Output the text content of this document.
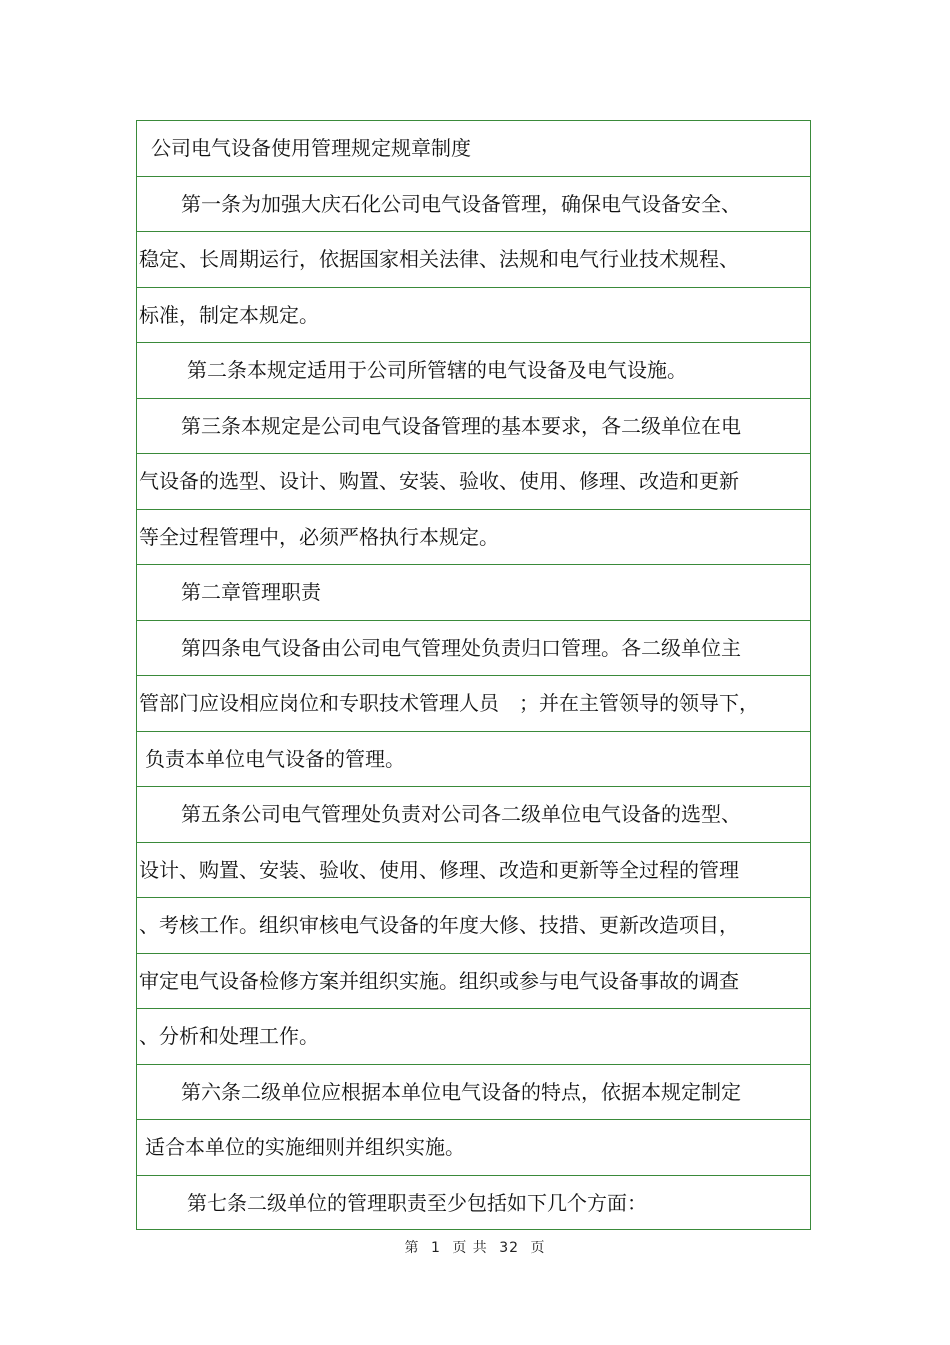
公司电气设备使用管理规定规章制度
第一条为加强大庆石化公司电气设备管理，确保电气设备安全、
稳定、长周期运行，依据国家相关法律、法规和电气行业技术规程、
标准，制定本规定。
第二条本规定适用于公司所管辖的电气设备及电气设施。
第三条本规定是公司电气设备管理的基本要求，各二级单位在电
气设备的选型、设计、购置、安装、验收、使用、修理、改造和更新
等全过程管理中，必须严格执行本规定。
第二章管理职责
第四条电气设备由公司电气管理处负责归口管理。各二级单位主
管部门应设相应岗位和专职技术管理人员　；并在主管领导的领导下，
负责本单位电气设备的管理。
第五条公司电气管理处负责对公司各二级单位电气设备的选型、
设计、购置、安装、验收、使用、修理、改造和更新等全过程的管理
、考核工作。组织审核电气设备的年度大修、技措、更新改造项目，
审定电气设备检修方案并组织实施。组织或参与电气设备事故的调查
、分析和处理工作。
第六条二级单位应根据本单位电气设备的特点，依据本规定制定
适合本单位的实施细则并组织实施。
第七条二级单位的管理职责至少包括如下几个方面：
第 1 页 共 32 页
